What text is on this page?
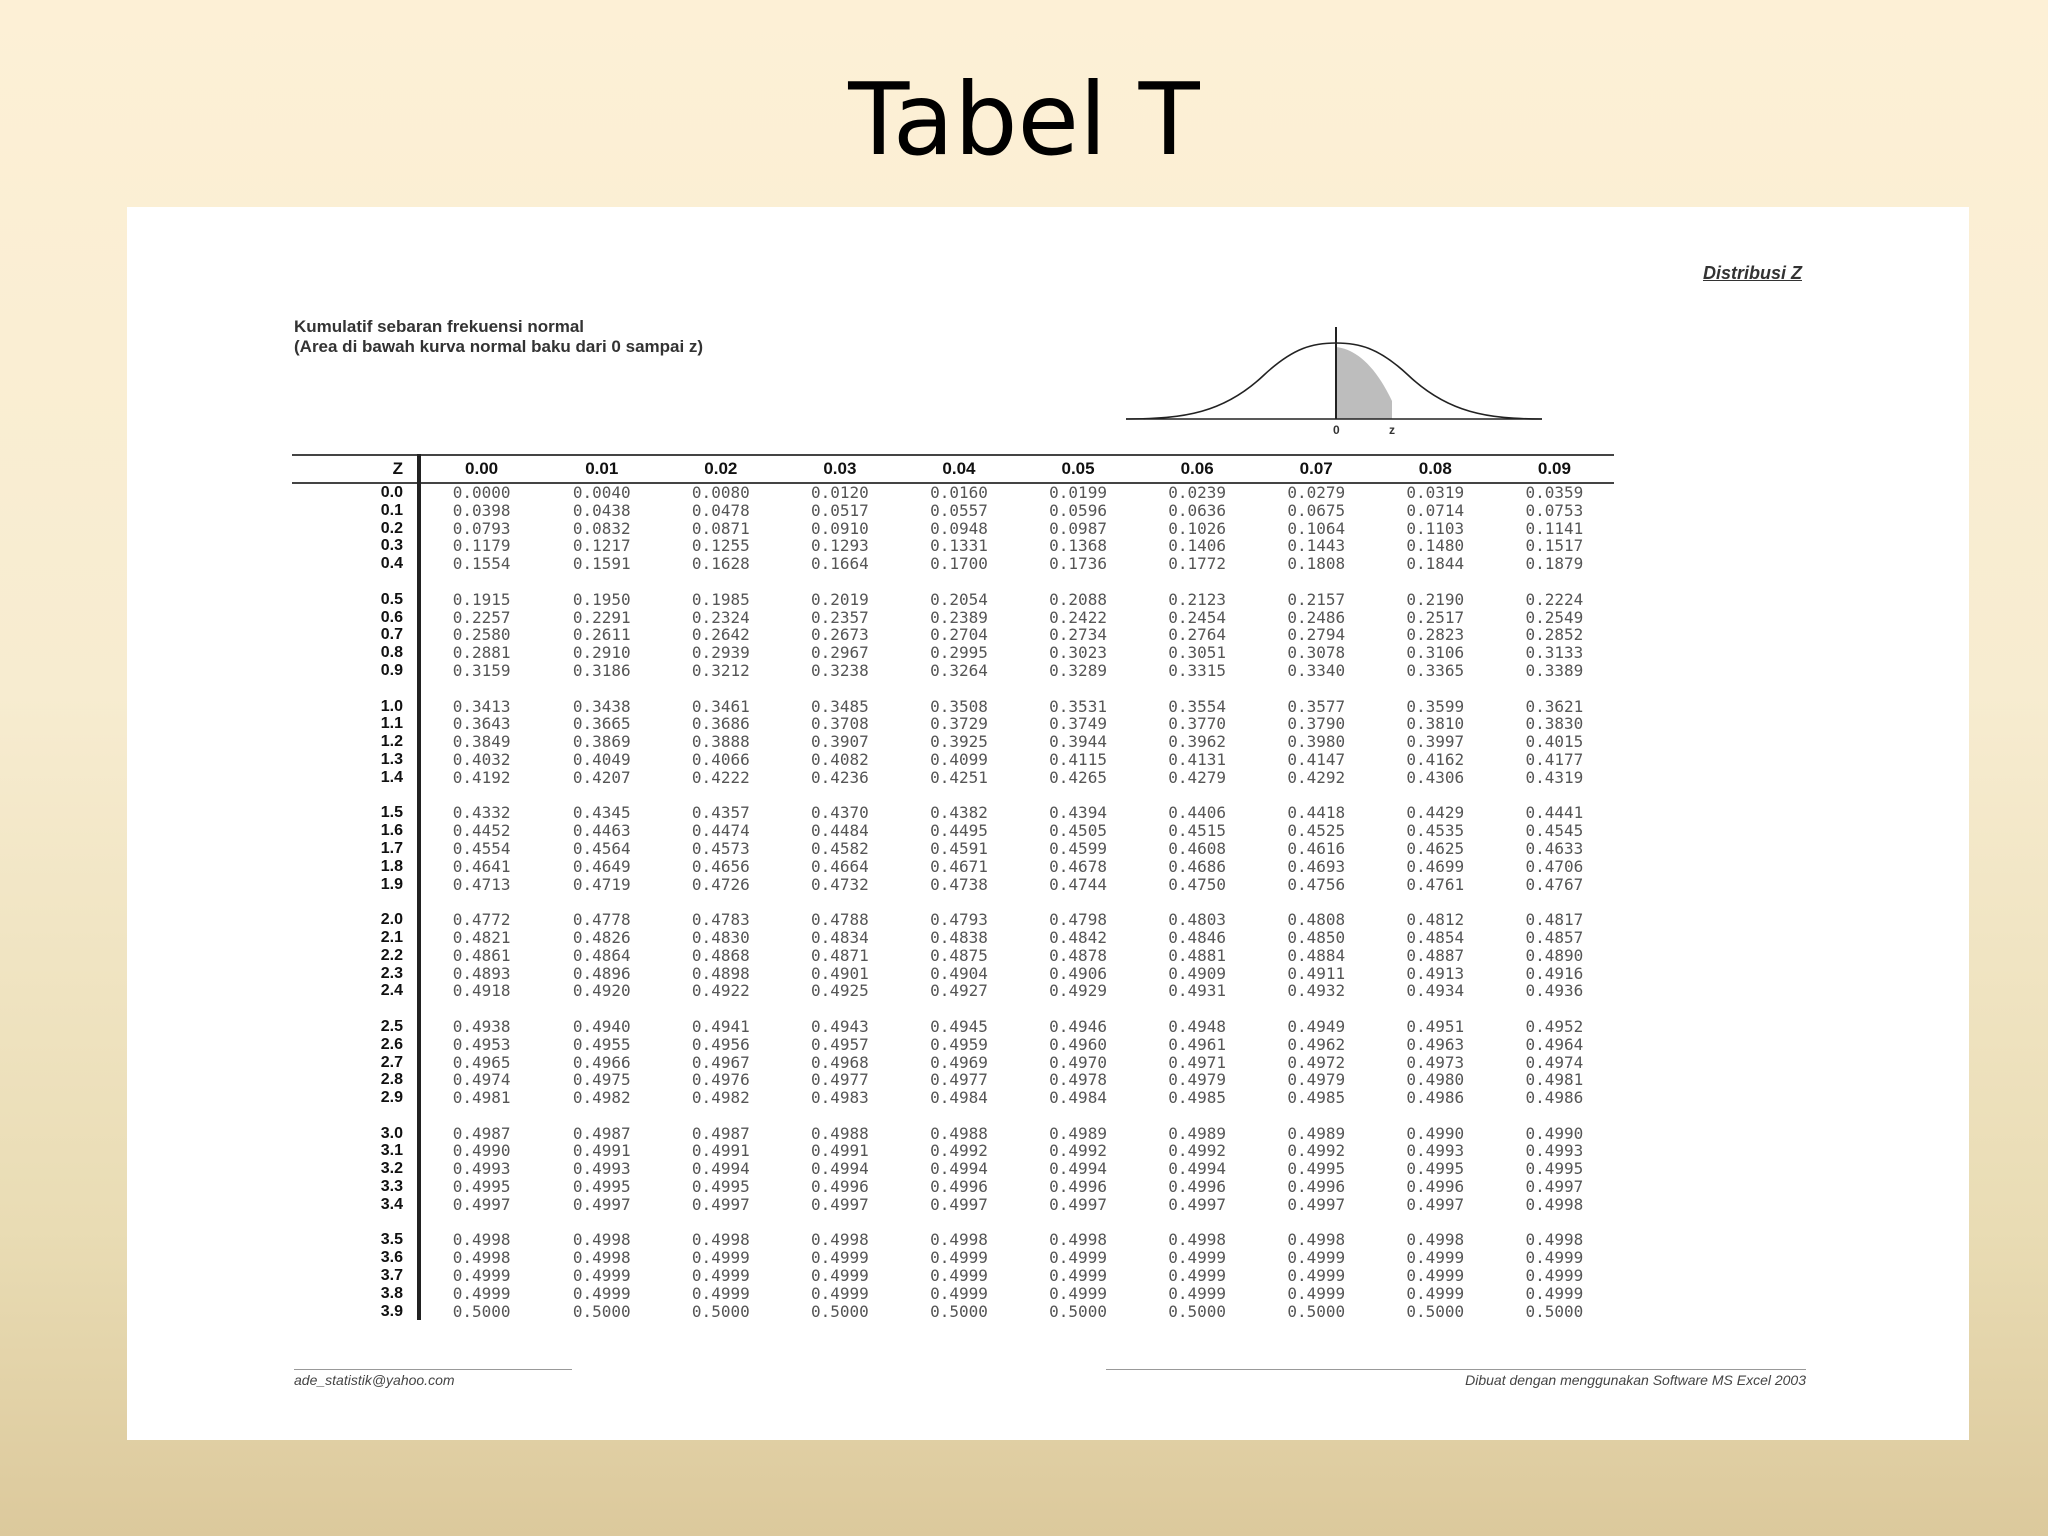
Tabel T
Distribusi Z
Kumulatif sebaran frekuensi normal
(Area di bawah kurva normal baku dari 0 sampai z)
0	z
Z	0.00	0.01	0.02	0.03	0.04	0.05	0.06	0.07	0.08	0.09
0.0	0.0000	0.0040	0.0080	0.0120	0.0160	0.0199	0.0239	0.0279	0.0319	0.0359
0.1	0.0398	0.0438	0.0478	0.0517	0.0557	0.0596	0.0636	0.0675	0.0714	0.0753
0.2	0.0793	0.0832	0.0871	0.0910	0.0948	0.0987	0.1026	0.1064	0.1103	0.1141
0.3	0.1179	0.1217	0.1255	0.1293	0.1331	0.1368	0.1406	0.1443	0.1480	0.1517
0.4	0.1554	0.1591	0.1628	0.1664	0.1700	0.1736	0.1772	0.1808	0.1844	0.1879

0.5	0.1915	0.1950	0.1985	0.2019	0.2054	0.2088	0.2123	0.2157	0.2190	0.2224
0.6	0.2257	0.2291	0.2324	0.2357	0.2389	0.2422	0.2454	0.2486	0.2517	0.2549
0.7	0.2580	0.2611	0.2642	0.2673	0.2704	0.2734	0.2764	0.2794	0.2823	0.2852
0.8	0.2881	0.2910	0.2939	0.2967	0.2995	0.3023	0.3051	0.3078	0.3106	0.3133
0.9	0.3159	0.3186	0.3212	0.3238	0.3264	0.3289	0.3315	0.3340	0.3365	0.3389

1.0	0.3413	0.3438	0.3461	0.3485	0.3508	0.3531	0.3554	0.3577	0.3599	0.3621
1.1	0.3643	0.3665	0.3686	0.3708	0.3729	0.3749	0.3770	0.3790	0.3810	0.3830
1.2	0.3849	0.3869	0.3888	0.3907	0.3925	0.3944	0.3962	0.3980	0.3997	0.4015
1.3	0.4032	0.4049	0.4066	0.4082	0.4099	0.4115	0.4131	0.4147	0.4162	0.4177
1.4	0.4192	0.4207	0.4222	0.4236	0.4251	0.4265	0.4279	0.4292	0.4306	0.4319

1.5	0.4332	0.4345	0.4357	0.4370	0.4382	0.4394	0.4406	0.4418	0.4429	0.4441
1.6	0.4452	0.4463	0.4474	0.4484	0.4495	0.4505	0.4515	0.4525	0.4535	0.4545
1.7	0.4554	0.4564	0.4573	0.4582	0.4591	0.4599	0.4608	0.4616	0.4625	0.4633
1.8	0.4641	0.4649	0.4656	0.4664	0.4671	0.4678	0.4686	0.4693	0.4699	0.4706
1.9	0.4713	0.4719	0.4726	0.4732	0.4738	0.4744	0.4750	0.4756	0.4761	0.4767

2.0	0.4772	0.4778	0.4783	0.4788	0.4793	0.4798	0.4803	0.4808	0.4812	0.4817
2.1	0.4821	0.4826	0.4830	0.4834	0.4838	0.4842	0.4846	0.4850	0.4854	0.4857
2.2	0.4861	0.4864	0.4868	0.4871	0.4875	0.4878	0.4881	0.4884	0.4887	0.4890
2.3	0.4893	0.4896	0.4898	0.4901	0.4904	0.4906	0.4909	0.4911	0.4913	0.4916
2.4	0.4918	0.4920	0.4922	0.4925	0.4927	0.4929	0.4931	0.4932	0.4934	0.4936

2.5	0.4938	0.4940	0.4941	0.4943	0.4945	0.4946	0.4948	0.4949	0.4951	0.4952
2.6	0.4953	0.4955	0.4956	0.4957	0.4959	0.4960	0.4961	0.4962	0.4963	0.4964
2.7	0.4965	0.4966	0.4967	0.4968	0.4969	0.4970	0.4971	0.4972	0.4973	0.4974
2.8	0.4974	0.4975	0.4976	0.4977	0.4977	0.4978	0.4979	0.4979	0.4980	0.4981
2.9	0.4981	0.4982	0.4982	0.4983	0.4984	0.4984	0.4985	0.4985	0.4986	0.4986

3.0	0.4987	0.4987	0.4987	0.4988	0.4988	0.4989	0.4989	0.4989	0.4990	0.4990
3.1	0.4990	0.4991	0.4991	0.4991	0.4992	0.4992	0.4992	0.4992	0.4993	0.4993
3.2	0.4993	0.4993	0.4994	0.4994	0.4994	0.4994	0.4994	0.4995	0.4995	0.4995
3.3	0.4995	0.4995	0.4995	0.4996	0.4996	0.4996	0.4996	0.4996	0.4996	0.4997
3.4	0.4997	0.4997	0.4997	0.4997	0.4997	0.4997	0.4997	0.4997	0.4997	0.4998

3.5	0.4998	0.4998	0.4998	0.4998	0.4998	0.4998	0.4998	0.4998	0.4998	0.4998
3.6	0.4998	0.4998	0.4999	0.4999	0.4999	0.4999	0.4999	0.4999	0.4999	0.4999
3.7	0.4999	0.4999	0.4999	0.4999	0.4999	0.4999	0.4999	0.4999	0.4999	0.4999
3.8	0.4999	0.4999	0.4999	0.4999	0.4999	0.4999	0.4999	0.4999	0.4999	0.4999
3.9	0.5000	0.5000	0.5000	0.5000	0.5000	0.5000	0.5000	0.5000	0.5000	0.5000
ade_statistik@yahoo.com	Dibuat dengan menggunakan Software MS Excel 2003
